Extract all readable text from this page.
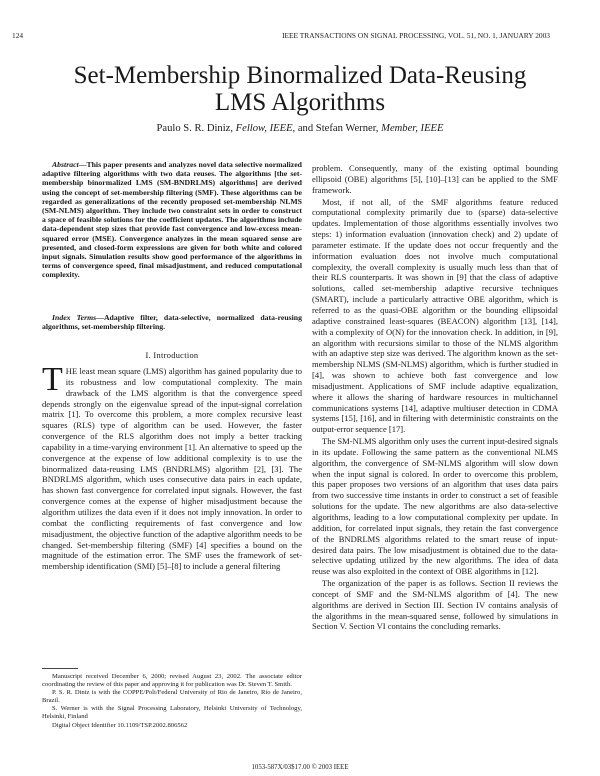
124	IEEE TRANSACTIONS ON SIGNAL PROCESSING, VOL. 51, NO. 1, JANUARY 2003
Set-Membership Binormalized Data-Reusing
LMS Algorithms
Paulo S. R. Diniz, Fellow, IEEE, and Stefan Werner, Member, IEEE

Abstract—This paper presents and analyzes novel data selective normalized adaptive filtering algorithms with two data reuses. The algorithms [the set-membership binormalized LMS (SM-BNDRLMS) algorithms] are derived using the concept of set-membership filtering (SMF). These algorithms can be regarded as generalizations of the recently proposed set-membership NLMS (SM-NLMS) algorithm. They include two constraint sets in order to construct a space of feasible solutions for the coefficient updates. The algorithms include data-dependent step sizes that provide fast convergence and low-excess mean-squared error (MSE). Convergence analyzes in the mean squared sense are presented, and closed-form expressions are given for both white and colored input signals. Simulation results show good performance of the algorithms in terms of convergence speed, final misadjustment, and reduced computational complexity.

Index Terms—Adaptive filter, data-selective, normalized data-reusing algorithms, set-membership filtering.
I. Introduction

THE least mean square (LMS) algorithm has gained popularity due to its robustness and low computational complexity. The main drawback of the LMS algorithm is that the convergence speed depends strongly on the eigenvalue spread of the input-signal correlation matrix [1]. To overcome this problem, a more complex recursive least squares (RLS) type of algorithm can be used. However, the faster convergence of the RLS algorithm does not imply a better tracking capability in a time-varying environment [1]. An alternative to speed up the convergence at the expense of low additional complexity is to use the binormalized data-reusing LMS (BNDRLMS) algorithm [2], [3]. The BNDRLMS algorithm, which uses consecutive data pairs in each update, has shown fast convergence for correlated input signals. However, the fast convergence comes at the expense of higher misadjustment because the algorithm utilizes the data even if it does not imply innovation. In order to combat the conflicting requirements of fast convergence and low misadjustment, the objective function of the adaptive algorithm needs to be changed. Set-membership filtering (SMF) [4] specifies a bound on the magnitude of the estimation error. The SMF uses the framework of set-membership identification (SMI) [5]–[8] to include a general filtering

Manuscript received December 6, 2000; revised August 23, 2002. The associate editor coordinating the review of this paper and approving it for publication was Dr. Steven T. Smith.

P. S. R. Diniz is with the COPPE/Poli/Federal University of Rio de Janeiro, Rio de Janeiro, Brazil.

S. Werner is with the Signal Processing Laboratory, Helsinki University of Technology, Helsinki, Finland

Digital Object Identifier 10.1109/TSP.2002.806562

problem. Consequently, many of the existing optimal bounding ellipsoid (OBE) algorithms [5], [10]–[13] can be applied to the SMF framework.

Most, if not all, of the SMF algorithms feature reduced computational complexity primarily due to (sparse) data-selective updates. Implementation of those algorithms essentially involves two steps: 1) information evaluation (innovation check) and 2) update of parameter estimate. If the update does not occur frequently and the information evaluation does not involve much computational complexity, the overall complexity is usually much less than that of their RLS counterparts. It was shown in [9] that the class of adaptive solutions, called set-membership adaptive recursive techniques (SMART), include a particularly attractive OBE algorithm, which is referred to as the quasi-OBE algorithm or the bounding ellipsoidal adaptive constrained least-squares (BEACON) algorithm [13], [14], with a complexity of O(N) for the innovation check. In addition, in [9], an algorithm with recursions similar to those of the NLMS algorithm with an adaptive step size was derived. The algorithm known as the set-membership NLMS (SM-NLMS) algorithm, which is further studied in [4], was shown to achieve both fast convergence and low misadjustment. Applications of SMF include adaptive equalization, where it allows the sharing of hardware resources in multichannel communications systems [14], adaptive multiuser detection in CDMA systems [15], [16], and in filtering with deterministic constraints on the output-error sequence [17].

The SM-NLMS algorithm only uses the current input-desired signals in its update. Following the same pattern as the conventional NLMS algorithm, the convergence of SM-NLMS algorithm will slow down when the input signal is colored. In order to overcome this problem, this paper proposes two versions of an algorithm that uses data pairs from two successive time instants in order to construct a set of feasible solutions for the update. The new algorithms are also data-selective algorithms, leading to a low computational complexity per update. In addition, for correlated input signals, they retain the fast convergence of the BNDRLMS algorithms related to the smart reuse of input-desired data pairs. The low misadjustment is obtained due to the data-selective updating utilized by the new algorithms. The idea of data reuse was also exploited in the context of OBE algorithms in [12].

The organization of the paper is as follows. Section II reviews the concept of SMF and the SM-NLMS algorithm of [4]. The new algorithms are derived in Section III. Section IV contains analysis of the algorithms in the mean-squared sense, followed by simulations in Section V. Section VI contains the concluding remarks.

1053-587X/03$17.00 © 2003 IEEE
